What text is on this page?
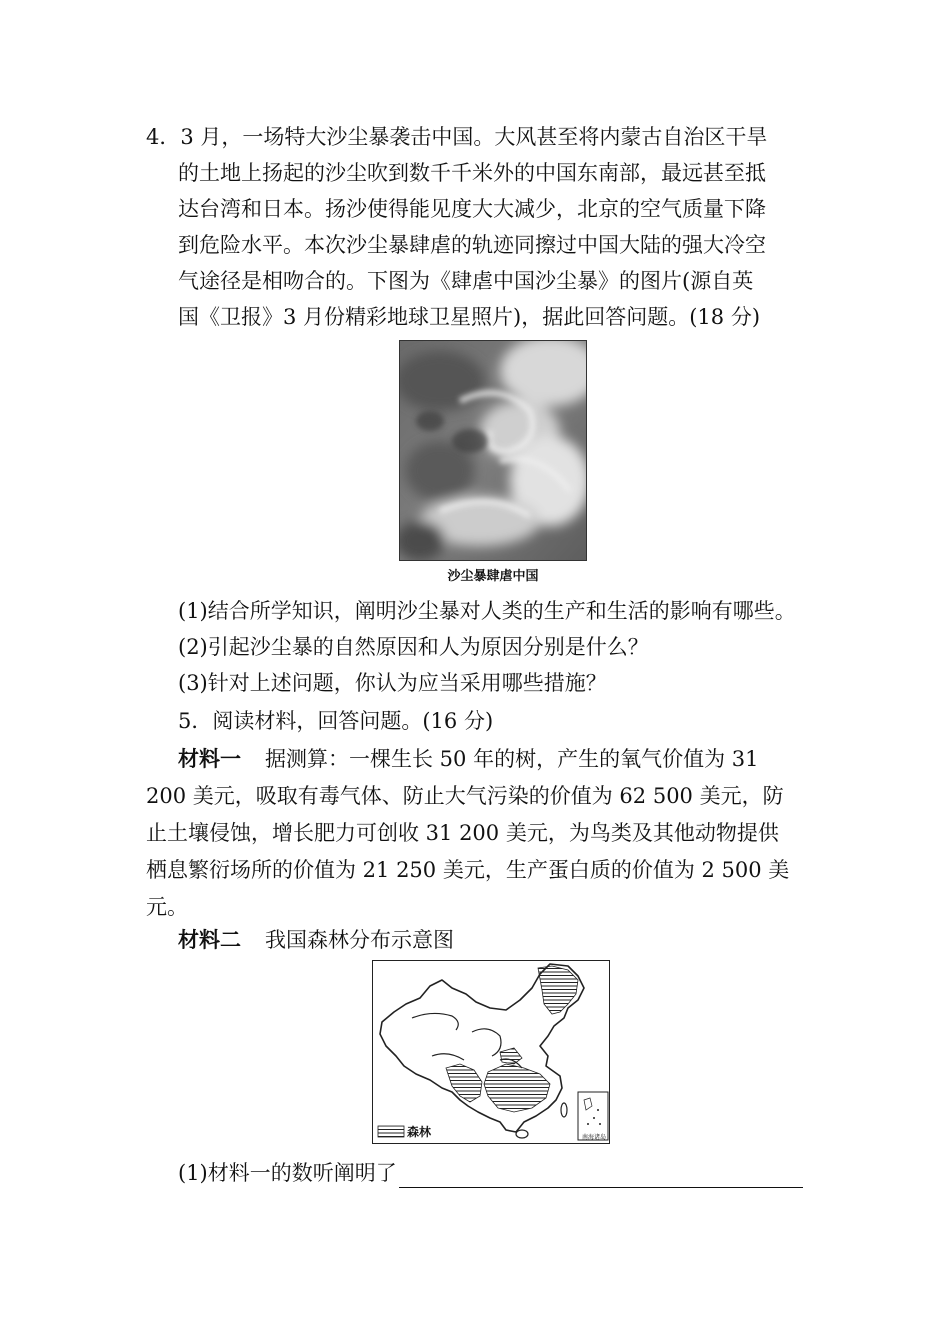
4．3 月，一场特大沙尘暴袭击中国。大风甚至将内蒙古自治区干旱
的土地上扬起的沙尘吹到数千千米外的中国东南部，最远甚至抵
达台湾和日本。扬沙使得能见度大大减少，北京的空气质量下降
到危险水平。本次沙尘暴肆虐的轨迹同擦过中国大陆的强大冷空
气途径是相吻合的。下图为《肆虐中国沙尘暴》的图片(源自英
国《卫报》3 月份精彩地球卫星照片)，据此回答问题。(18 分)
沙尘暴肆虐中国
(1)结合所学知识，阐明沙尘暴对人类的生产和生活的影响有哪些。
(2)引起沙尘暴的自然原因和人为原因分别是什么？
(3)针对上述问题，你认为应当采用哪些措施？
5．阅读材料，回答问题。(16 分)
材料一 据测算：一棵生长 50 年的树，产生的氧气价值为 31
200 美元，吸取有毒气体、防止大气污染的价值为 62 500 美元，防
止土壤侵蚀，增长肥力可创收 31 200 美元，为鸟类及其他动物提供
栖息繁衍场所的价值为 21 250 美元，生产蛋白质的价值为 2 500 美
元。
材料二 我国森林分布示意图
森林	南海诸岛
(1)材料一的数听阐明了
